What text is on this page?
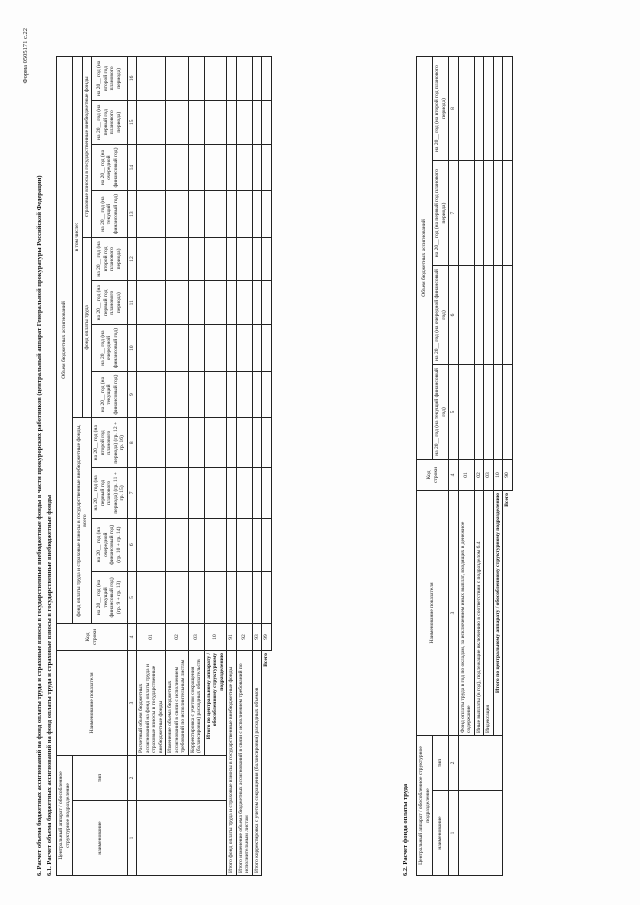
Форма 0505171 с.22
6. Расчет объема бюджетных ассигнований на фонд оплаты труда и страховые взносы в государственные внебюджетные фонды в части прокурорских работников (центральный аппарат Генеральной прокуратуры Российской Федерации) 6.1. Расчет объема бюджетных ассигнований на фонд оплаты труда и страховые взносы в государственные внебюджетные фонды Центральный аппарат / обособленное структурное подразделение		Наименование показателя	Код строки	Объем бюджетных ассигнований											
наименование	тип			фонд оплаты труда и страховые взносы в государственные внебюджетные фонды, всего				в том числе:							
								фонд оплаты труда				страховые взносы в государственные внебюджетные фонды			
				на 20__ год (на текущий финансовый год) (гр. 9 + гр. 13)	на 20__ год (на очередной финансовый год) (гр. 10 + гр. 14)	на 20__ год (на первый год планового периода) (гр. 11 + гр. 15)	на 20__ год (на второй год планового периода) (гр. 12 + гр. 16)	на 20__ год (на текущий финансовый год)	на 20__ год (на очередной финансовый год)	на 20__ год (на первый год планового периода)	на 20__ год (на второй год планового периода)	на 20__ год (на текущий финансовый год)	на 20__ год (на очередной финансовый год)	на 20__ год (на первый год планового периода)	на 20__ год (на второй год планового периода)
1	2	3	4	5	6	7	8	9	10	11	12	13	14	15	16
		Расчетный объем бюджетных ассигнований на фонд оплаты труда и страховые взносы в государственные внебюджетные фонды	01												
		Изменение объема бюджетных ассигнований в связи с исполнением требований по исполнительным листам	02												
		Корректировка с учетом сокращения (балансировки) расходных обязательств	03												
		Итого по центральному аппарату / обособленному структурному подразделению	10												
Итого фонд оплаты труда и страховые взносы в государственные внебюджетные фонды			91												
Итого изменение объема бюджетных ассигнований в связи с исполнением требований по исполнительным листам			92												
Итого корректировка с учетом сокращения (балансировки) расходных объемов			93												
Всего			99												
6.2. Расчет фонда оплаты труда Центральный аппарат / обособленное структурное подразделение		Наименование показателя	Код строки	Объем бюджетных ассигнований			
наименование	тип			на 20__ год (на текущий финансовый год)	на 20__ год (на очередной финансовый год)	на 20__ год (на первый год планового периода)	на 20__ год (на второй год планового периода)

1	2	3	4	5	6	7	8
		Фонд оплаты труда в год по окладам, за исключением иных выплат, входящих в денежное содержание	01				
		Иные выплаты (в год), подлежащие включению в соответствии с подразделом 6.4	02				
		Индексация	03				
		Итого по центральному аппарату / обособленному структурному подразделению	10				
Всего			90				
